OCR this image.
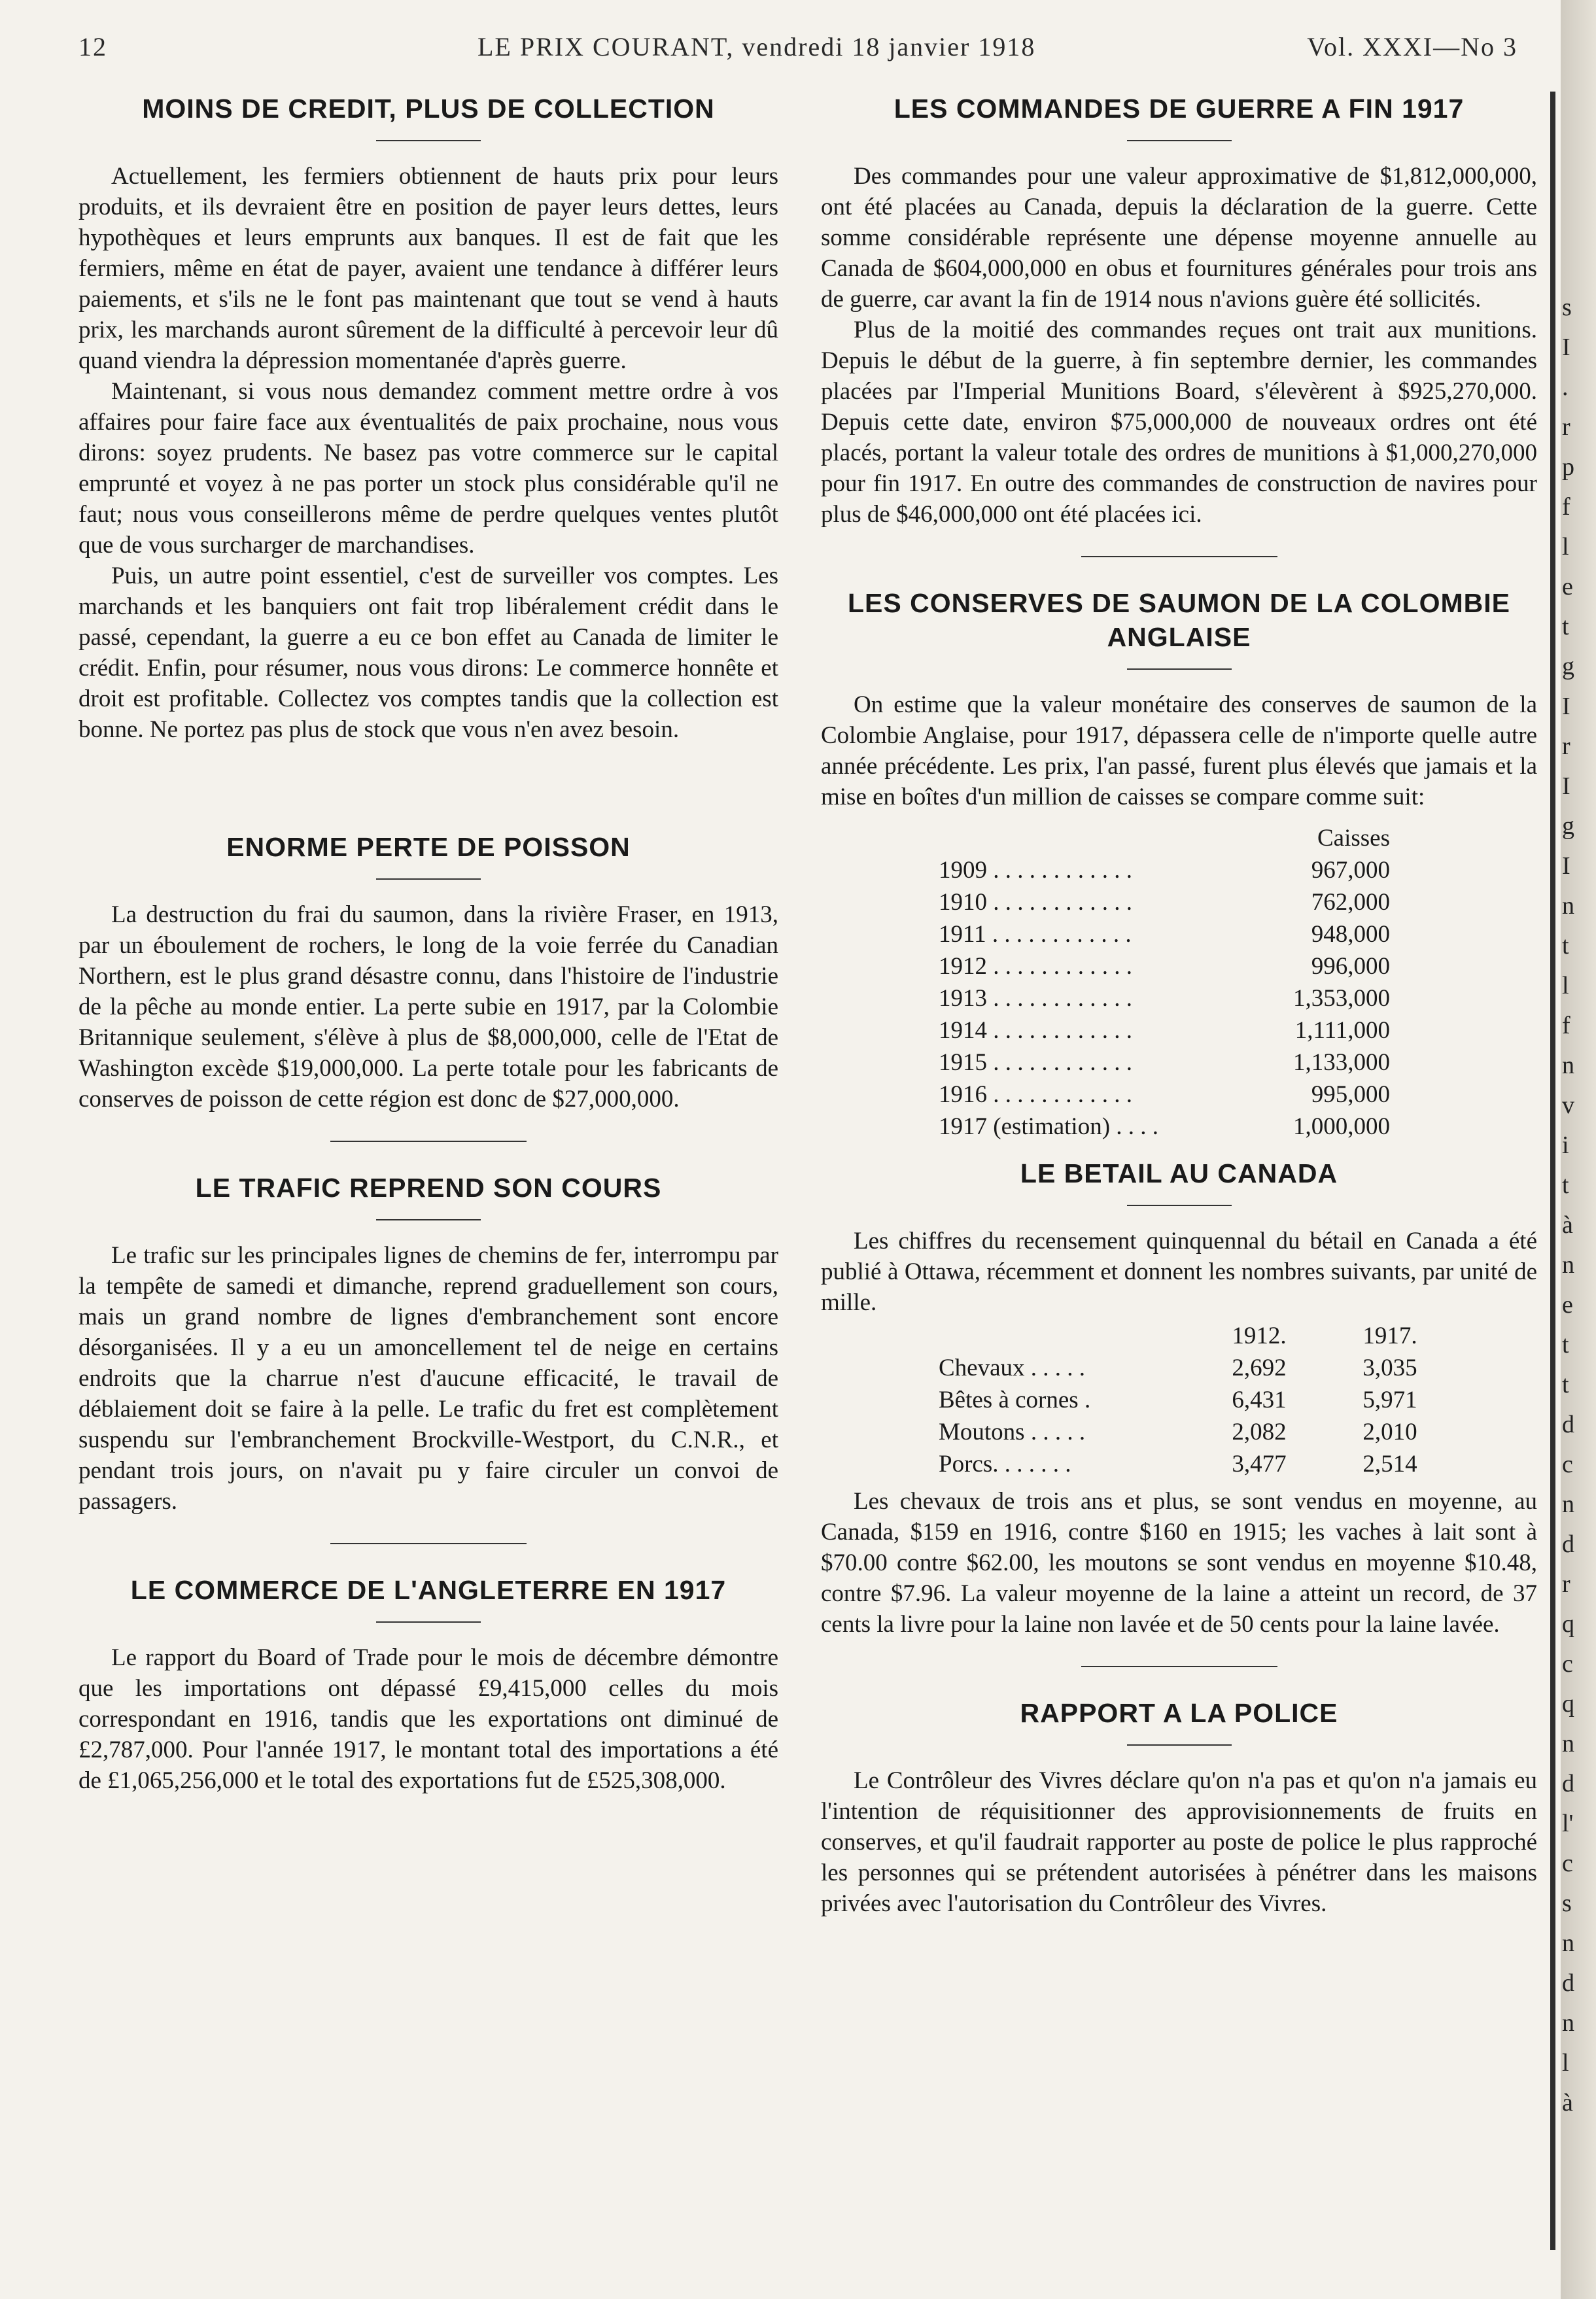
12	LE PRIX COURANT, vendredi 18 janvier 1918	Vol. XXXI—No 3
MOINS DE CREDIT, PLUS DE COLLECTION

Actuellement, les fermiers obtiennent de hauts prix pour leurs produits, et ils devraient être en position de payer leurs dettes, leurs hypothèques et leurs emprunts aux banques. Il est de fait que les fermiers, même en état de payer, avaient une tendance à différer leurs paiements, et s'ils ne le font pas maintenant que tout se vend à hauts prix, les marchands auront sûrement de la difficulté à percevoir leur dû quand viendra la dépression momentanée d'après guerre.

Maintenant, si vous nous demandez comment mettre ordre à vos affaires pour faire face aux éventualités de paix prochaine, nous vous dirons: soyez prudents. Ne basez pas votre commerce sur le capital emprunté et voyez à ne pas porter un stock plus considérable qu'il ne faut; nous vous conseillerons même de perdre quelques ventes plutôt que de vous surcharger de marchandises.

Puis, un autre point essentiel, c'est de surveiller vos comptes. Les marchands et les banquiers ont fait trop libéralement crédit dans le passé, cependant, la guerre a eu ce bon effet au Canada de limiter le crédit. Enfin, pour résumer, nous vous dirons: Le commerce honnête et droit est profitable. Collectez vos comptes tandis que la collection est bonne. Ne portez pas plus de stock que vous n'en avez besoin.

ENORME PERTE DE POISSON

La destruction du frai du saumon, dans la rivière Fraser, en 1913, par un éboulement de rochers, le long de la voie ferrée du Canadian Northern, est le plus grand désastre connu, dans l'histoire de l'industrie de la pêche au monde entier. La perte subie en 1917, par la Colombie Britannique seulement, s'élève à plus de $8,000,000, celle de l'Etat de Washington excède $19,000,000. La perte totale pour les fabricants de conserves de poisson de cette région est donc de $27,000,000.

LE TRAFIC REPREND SON COURS

Le trafic sur les principales lignes de chemins de fer, interrompu par la tempête de samedi et dimanche, reprend graduellement son cours, mais un grand nombre de lignes d'embranchement sont encore désorganisées. Il y a eu un amoncellement tel de neige en certains endroits que la charrue n'est d'aucune efficacité, le travail de déblaiement doit se faire à la pelle. Le trafic du fret est complètement suspendu sur l'embranchement Brockville-Westport, du C.N.R., et pendant trois jours, on n'avait pu y faire circuler un convoi de passagers.

LE COMMERCE DE L'ANGLETERRE EN 1917

Le rapport du Board of Trade pour le mois de décembre démontre que les importations ont dépassé £9,415,000 celles du mois correspondant en 1916, tandis que les exportations ont diminué de £2,787,000. Pour l'année 1917, le montant total des importations a été de £1,065,256,000 et le total des exportations fut de £525,308,000.

LES COMMANDES DE GUERRE A FIN 1917

Des commandes pour une valeur approximative de $1,812,000,000, ont été placées au Canada, depuis la déclaration de la guerre. Cette somme considérable représente une dépense moyenne annuelle au Canada de $604,000,000 en obus et fournitures générales pour trois ans de guerre, car avant la fin de 1914 nous n'avions guère été sollicités.

Plus de la moitié des commandes reçues ont trait aux munitions. Depuis le début de la guerre, à fin septembre dernier, les commandes placées par l'Imperial Munitions Board, s'élevèrent à $925,270,000. Depuis cette date, environ $75,000,000 de nouveaux ordres ont été placés, portant la valeur totale des ordres de munitions à $1,000,270,000 pour fin 1917. En outre des commandes de construction de navires pour plus de $46,000,000 ont été placées ici.

LES CONSERVES DE SAUMON DE LA COLOMBIE ANGLAISE

On estime que la valeur monétaire des conserves de saumon de la Colombie Anglaise, pour 1917, dépassera celle de n'importe quelle autre année précédente. Les prix, l'an passé, furent plus élevés que jamais et la mise en boîtes d'un million de caisses se compare comme suit:

	Caisses
1909 . . . . . . . . . . . .	967,000
1910 . . . . . . . . . . . .	762,000
1911 . . . . . . . . . . . .	948,000
1912 . . . . . . . . . . . .	996,000
1913 . . . . . . . . . . . .	1,353,000
1914 . . . . . . . . . . . .	1,111,000
1915 . . . . . . . . . . . .	1,133,000
1916 . . . . . . . . . . . .	995,000
1917 (estimation) . . . .	1,000,000
LE BETAIL AU CANADA

Les chiffres du recensement quinquennal du bétail en Canada a été publié à Ottawa, récemment et donnent les nombres suivants, par unité de mille.

	1912.	1917.
Chevaux . . . . .	2,692	3,035
Bêtes à cornes .	6,431	5,971
Moutons . . . . .	2,082	2,010
Porcs. . . . . . .	3,477	2,514

Les chevaux de trois ans et plus, se sont vendus en moyenne, au Canada, $159 en 1916, contre $160 en 1915; les vaches à lait sont à $70.00 contre $62.00, les moutons se sont vendus en moyenne $10.48, contre $7.96. La valeur moyenne de la laine a atteint un record, de 37 cents la livre pour la laine non lavée et de 50 cents pour la laine lavée.

RAPPORT A LA POLICE

Le Contrôleur des Vivres déclare qu'on n'a pas et qu'on n'a jamais eu l'intention de réquisitionner des approvisionnements de fruits en conserves, et qu'il faudrait rapporter au poste de police le plus rapproché les personnes qui se prétendent autorisées à pénétrer dans les maisons privées avec l'autorisation du Contrôleur des Vivres.

s
I
.
r
p
f
l
e
t
g
I
r
I
g
I
n
t
l
f
n
v
i
t
à
n
e
t
t
d
c
n
d
r
q
c
q
n
d
l'
c
s
n
d
n
l
à
